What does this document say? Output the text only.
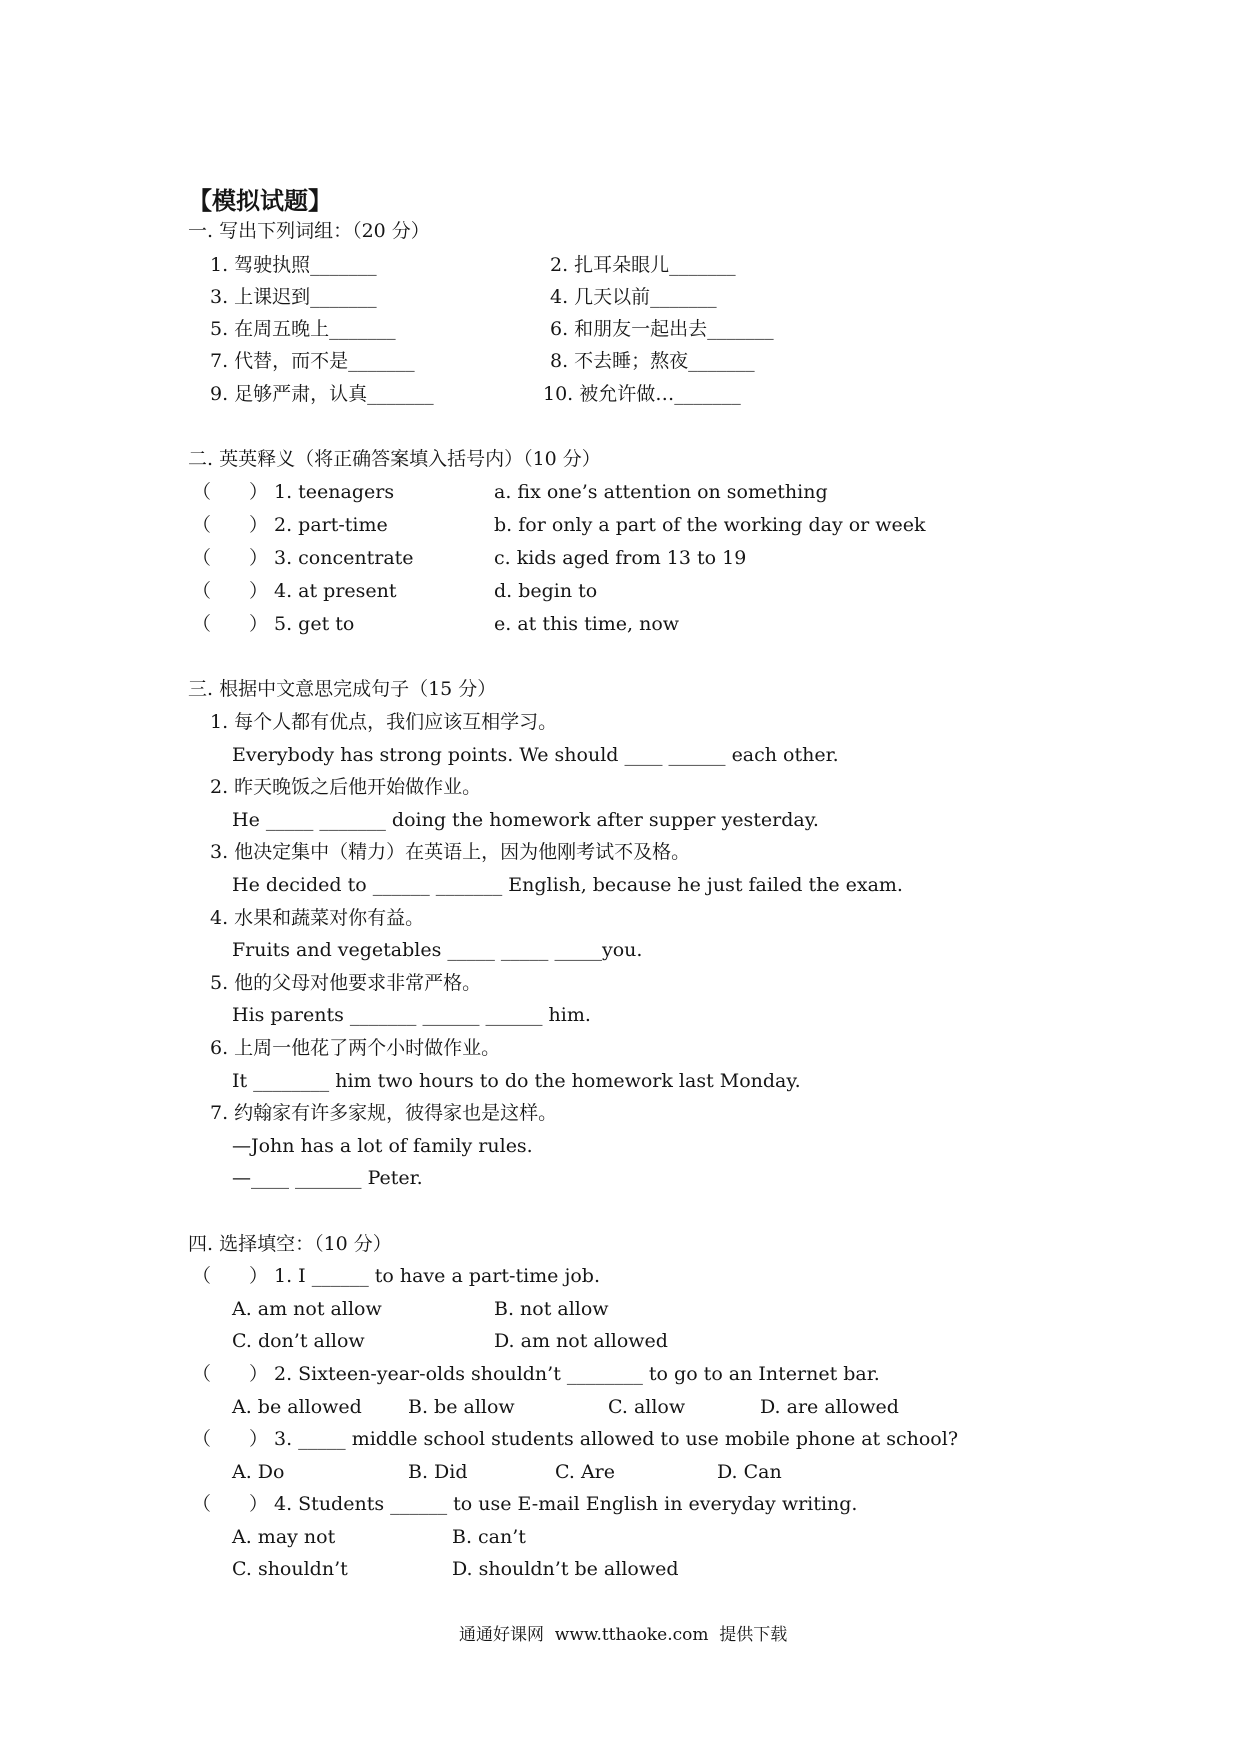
【模拟试题】
一. 写出下列词组：（20 分）
1. 驾驶执照_______	2. 扎耳朵眼儿_______
3. 上课迟到_______	4. 几天以前_______
5. 在周五晚上_______	6. 和朋友一起出去_______
7. 代替，而不是_______	8. 不去睡；熬夜_______
9. 足够严肃，认真_______	10. 被允许做…_______
二. 英英释义（将正确答案填入括号内）（10 分）
（　　） 1. teenagers	a. fix one’s attention on something
（　　） 2. part-time	b. for only a part of the working day or week
（　　） 3. concentrate	c. kids aged from 13 to 19
（　　） 4. at present	d. begin to
（　　） 5. get to	e. at this time, now
三. 根据中文意思完成句子（15 分）
1. 每个人都有优点，我们应该互相学习。
Everybody has strong points. We should ____ ______ each other.
2. 昨天晚饭之后他开始做作业。
He _____ _______ doing the homework after supper yesterday.
3. 他决定集中（精力）在英语上，因为他刚考试不及格。
He decided to ______ _______ English, because he just failed the exam.
4. 水果和蔬菜对你有益。
Fruits and vegetables _____ _____ _____you.
5. 他的父母对他要求非常严格。
His parents _______ ______ ______ him.
6. 上周一他花了两个小时做作业。
It ________ him two hours to do the homework last Monday.
7. 约翰家有许多家规，彼得家也是这样。
—John has a lot of family rules.
—____ _______ Peter.
四. 选择填空：（10 分）
（　　） 1. I ______ to have a part-time job.
A. am not allow	B. not allow
C. don’t allow	D. am not allowed
（　　） 2. Sixteen-year-olds shouldn’t ________ to go to an Internet bar.
A. be allowed B. be allow	C. allow	D. are allowed
（　　） 3. _____ middle school students allowed to use mobile phone at school?
A. Do	B. Did	C. Are	D. Can
（　　） 4. Students ______ to use E-mail English in everyday writing.
A. may not	B. can’t
C. shouldn’t	D. shouldn’t be allowed
通通好课网  www.tthaoke.com  提供下载
